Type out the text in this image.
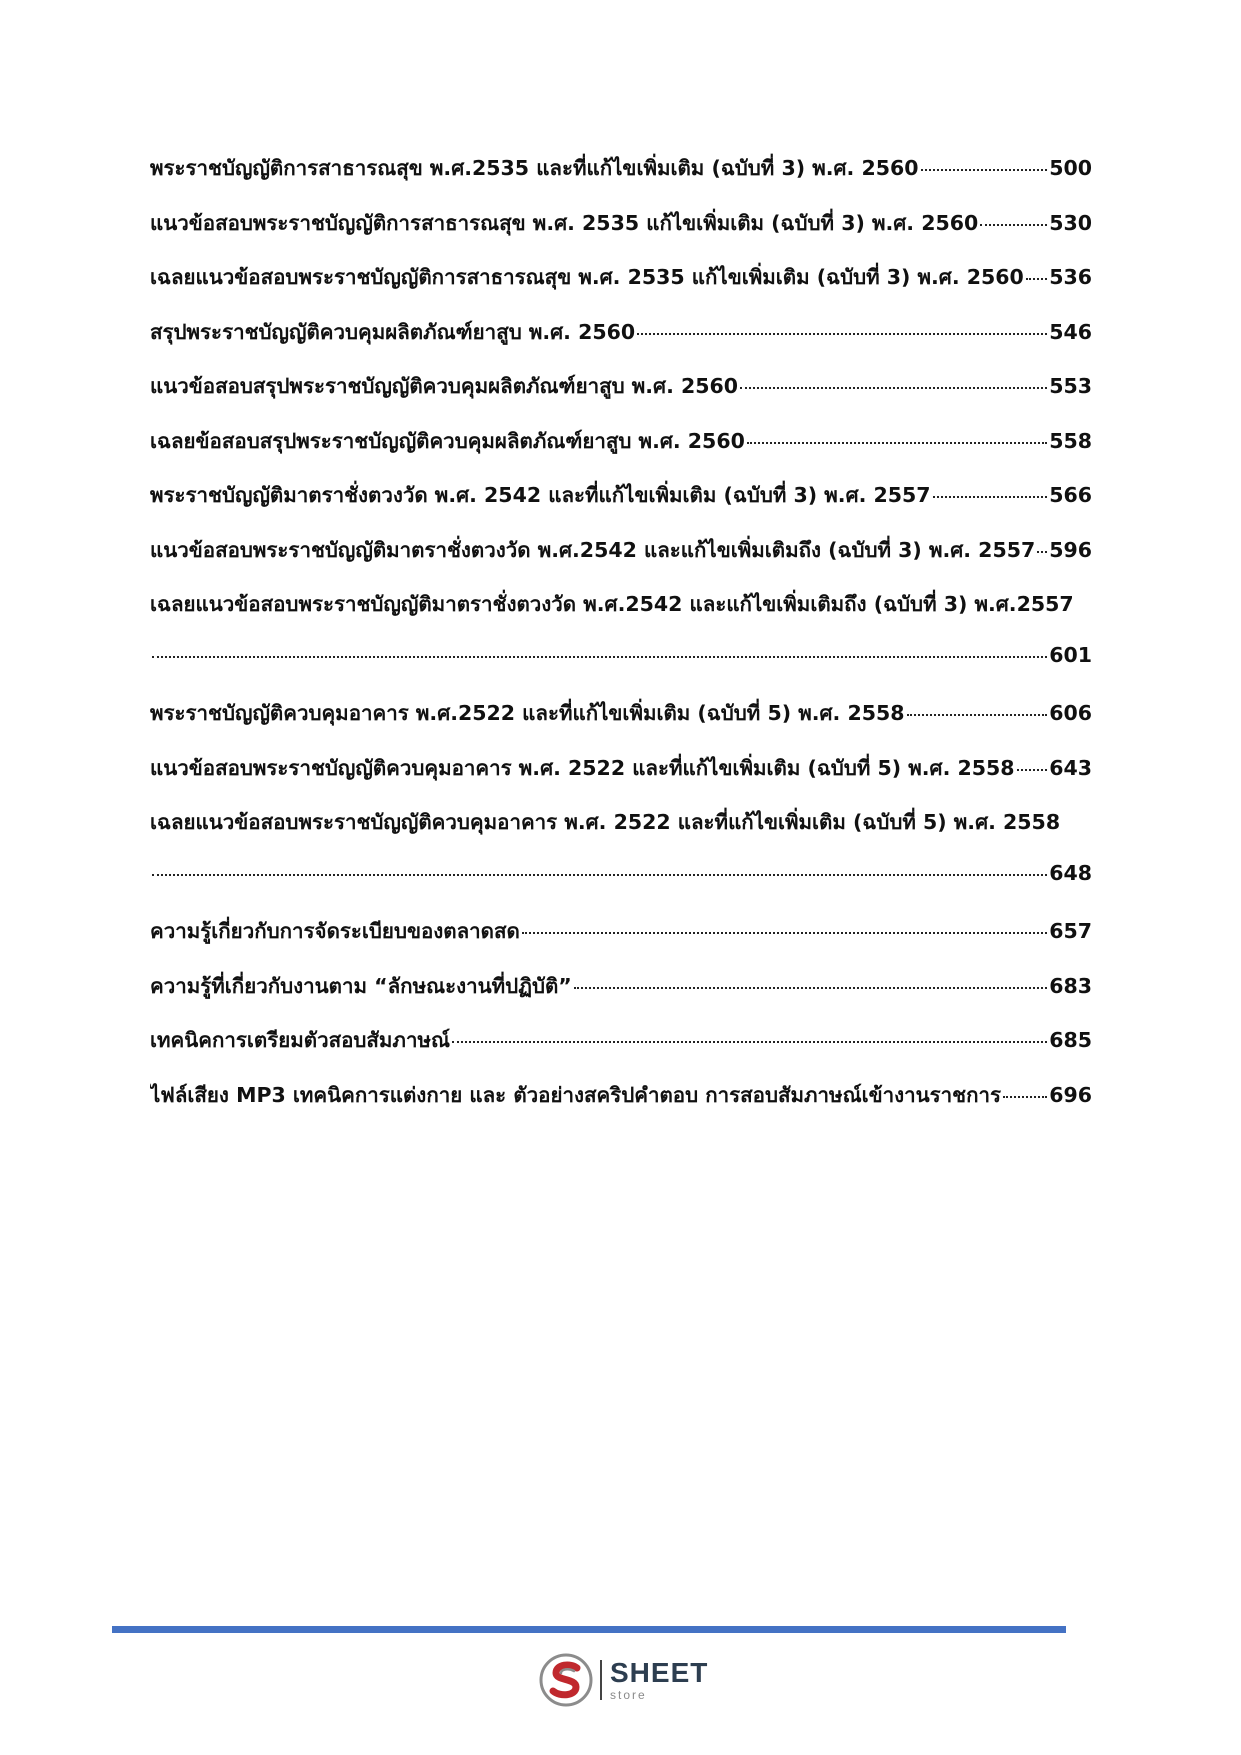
พระราชบัญญัติการสาธารณสุข พ.ศ.2535 และที่แก้ไขเพิ่มเติม (ฉบับที่ 3) พ.ศ. 2560	500
แนวข้อสอบพระราชบัญญัติการสาธารณสุข พ.ศ. 2535 แก้ไขเพิ่มเติม (ฉบับที่ 3) พ.ศ. 2560	530
เฉลยแนวข้อสอบพระราชบัญญัติการสาธารณสุข พ.ศ. 2535 แก้ไขเพิ่มเติม (ฉบับที่ 3) พ.ศ. 2560 536
สรุปพระราชบัญญัติควบคุมผลิตภัณฑ์ยาสูบ พ.ศ. 2560	546
แนวข้อสอบสรุปพระราชบัญญัติควบคุมผลิตภัณฑ์ยาสูบ พ.ศ. 2560	553
เฉลยข้อสอบสรุปพระราชบัญญัติควบคุมผลิตภัณฑ์ยาสูบ พ.ศ. 2560	558
พระราชบัญญัติมาตราชั่งตวงวัด พ.ศ. 2542 และที่แก้ไขเพิ่มเติม (ฉบับที่ 3) พ.ศ. 2557	566
แนวข้อสอบพระราชบัญญัติมาตราชั่งตวงวัด พ.ศ.2542 และแก้ไขเพิ่มเติมถึง (ฉบับที่ 3) พ.ศ. 2557 596
เฉลยแนวข้อสอบพระราชบัญญัติมาตราชั่งตวงวัด พ.ศ.2542 และแก้ไขเพิ่มเติมถึง (ฉบับที่ 3) พ.ศ.2557
601
พระราชบัญญัติควบคุมอาคาร พ.ศ.2522 และที่แก้ไขเพิ่มเติม (ฉบับที่ 5) พ.ศ. 2558	606
แนวข้อสอบพระราชบัญญัติควบคุมอาคาร พ.ศ. 2522 และที่แก้ไขเพิ่มเติม (ฉบับที่ 5) พ.ศ. 2558 643
เฉลยแนวข้อสอบพระราชบัญญัติควบคุมอาคาร พ.ศ. 2522 และที่แก้ไขเพิ่มเติม (ฉบับที่ 5) พ.ศ. 2558
648
ความรู้เกี่ยวกับการจัดระเบียบของตลาดสด	657
ความรู้ที่เกี่ยวกับงานตาม “ลักษณะงานที่ปฏิบัติ”	683
เทคนิคการเตรียมตัวสอบสัมภาษณ์	685
ไฟล์เสียง MP3 เทคนิคการแต่งกาย และ ตัวอย่างสคริปคำตอบ การสอบสัมภาษณ์เข้างานราชการ 696
SHEET
store
